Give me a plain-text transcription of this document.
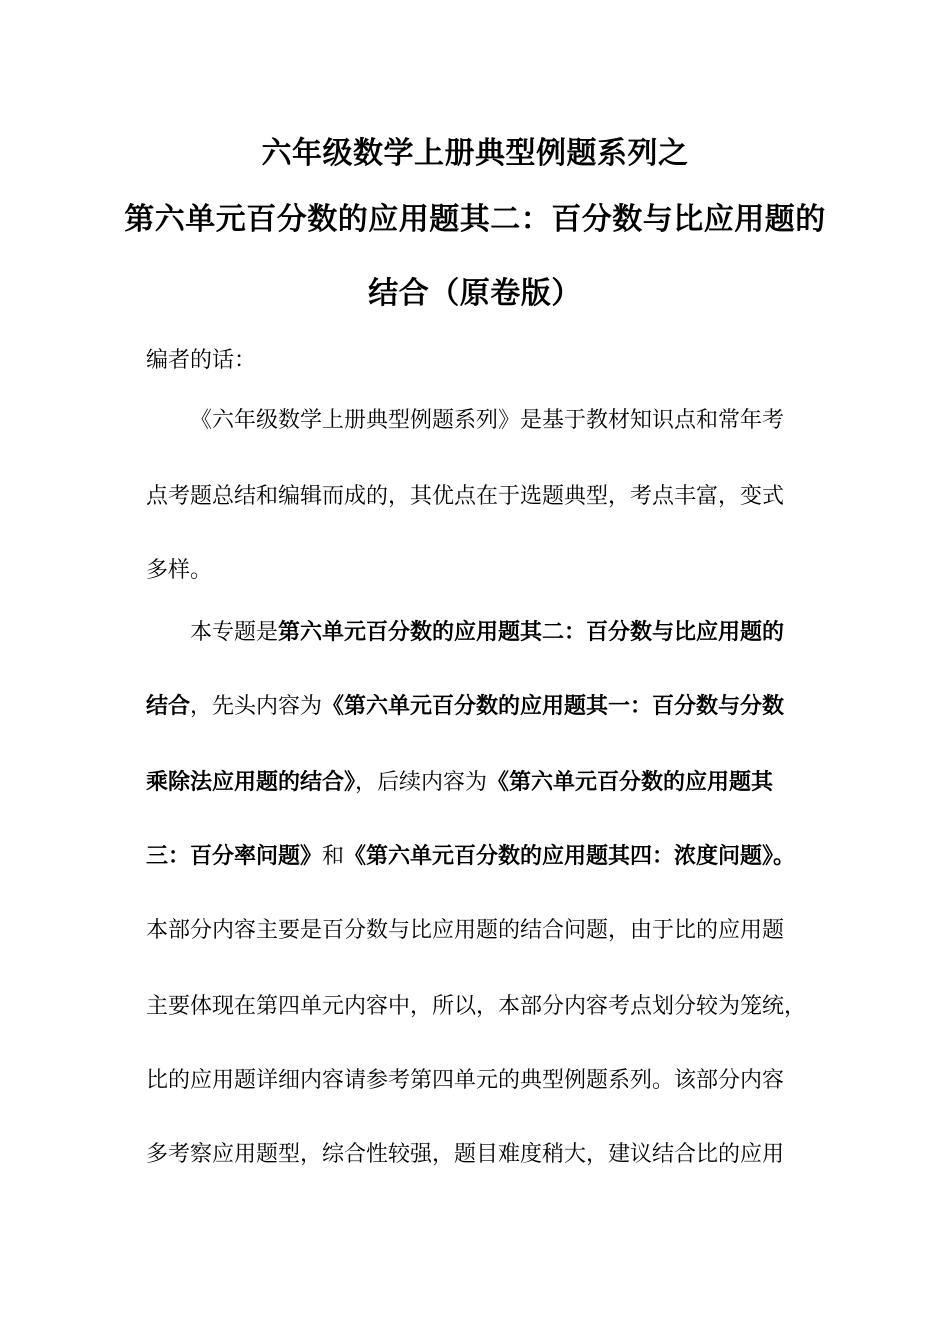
六年级数学上册典型例题系列之
第六单元百分数的应用题其二：百分数与比应用题的
结合（原卷版）
编者的话：
《六年级数学上册典型例题系列》是基于教材知识点和常年考
点考题总结和编辑而成的，其优点在于选题典型，考点丰富，变式
多样。
本专题是第六单元百分数的应用题其二：百分数与比应用题的
结合，先头内容为《第六单元百分数的应用题其一：百分数与分数
乘除法应用题的结合》，后续内容为《第六单元百分数的应用题其
三：百分率问题》和《第六单元百分数的应用题其四：浓度问题》。
本部分内容主要是百分数与比应用题的结合问题，由于比的应用题
主要体现在第四单元内容中，所以，本部分内容考点划分较为笼统，
比的应用题详细内容请参考第四单元的典型例题系列。该部分内容
多考察应用题型，综合性较强，题目难度稍大，建议结合比的应用
